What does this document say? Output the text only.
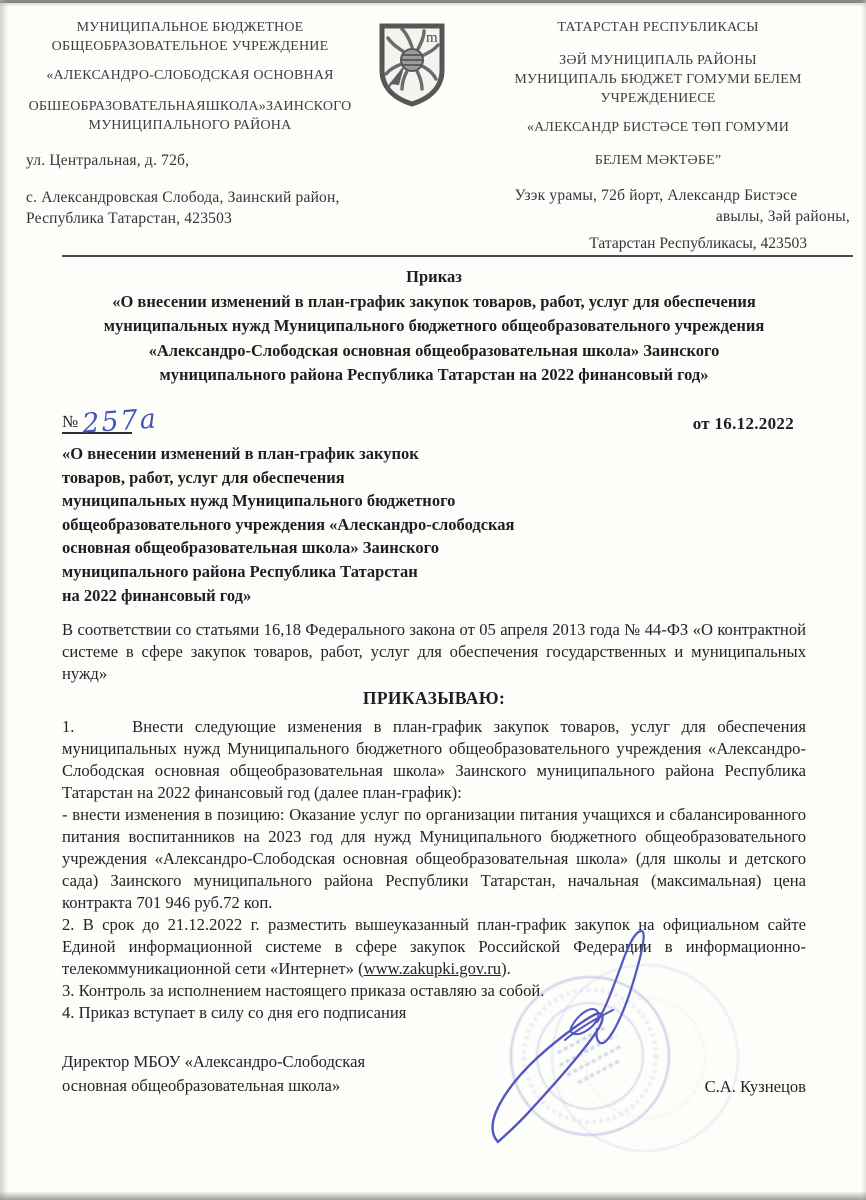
МУНИЦИПАЛЬНОЕ БЮДЖЕТНОЕ
ОБЩЕОБРАЗОВАТЕЛЬНОЕ УЧРЕЖДЕНИЕ
«АЛЕКСАНДРО-СЛОБОДСКАЯ ОСНОВНАЯ
ОБШЕОБРАЗОВАТЕЛЬНАЯШКОЛА»ЗАИНСКОГО
МУНИЦИПАЛЬНОГО РАЙОНА
ул. Центральная, д. 72б,
с. Александровская Слобода, Заинский район,
Республика Татарстан, 423503
m
ТАТАРСТАН РЕСПУБЛИКАСЫ
ЗӘЙ МУНИЦИПАЛЬ РАЙОНЫ
МУНИЦИПАЛЬ БЮДЖЕТ ГОМУМИ БЕЛЕМ
УЧРЕЖДЕНИЕСЕ
«АЛЕКСАНДР БИСТӘСЕ ТӨП ГОМУМИ
БЕЛЕМ МӘКТӘБЕ”
Узэк урамы, 72б йорт, Александр Бистэсе
авылы, Зәй районы,
Татарстан Республикасы, 423503
Приказ
«О внесении изменений в план-график закупок товаров, работ, услуг для обеспечения
муниципальных нужд Муниципального бюджетного общеобразовательного учреждения
«Александро-Слободская основная общеобразовательная школа» Заинского
муниципального района Республика Татарстан на 2022 финансовый год»
№ 257а	от 16.12.2022
«О внесении изменений в план-график закупок
товаров, работ, услуг для обеспечения
муниципальных нужд Муниципального бюджетного
общеобразовательного учреждения «Алескандро-слободская
основная общеобразовательная школа» Заинского
муниципального района Республика Татарстан
на 2022 финансовый год»

В соответствии со статьями 16,18 Федерального закона от 05 апреля 2013 года № 44-ФЗ «О контрактной системе в сфере закупок товаров, работ, услуг для обеспечения государственных и муниципальных нужд»

ПРИКАЗЫВАЮ:

1.     Внести следующие изменения в план-график закупок товаров, услуг для обеспечения муниципальных нужд Муниципального бюджетного общеобразовательного учреждения «Александро-Слободская основная общеобразовательная школа» Заинского муниципального района Республика Татарстан на 2022 финансовый год (далее план-график):

- внести изменения в позицию: Оказание услуг по организации питания учащихся и сбалансированного питания воспитанников на 2023 год для нужд Муниципального бюджетного общеобразовательного учреждения «Александро-Слободская основная общеобразовательная школа» (для школы и детского сада) Заинского муниципального района Республики Татарстан, начальная (максимальная) цена контракта 701 946 руб.72 коп.

2. В срок до 21.12.2022 г. разместить вышеуказанный план-график закупок на официальном сайте Единой информационной системе в сфере закупок Российской Федерации в информационно-телекоммуникационной сети «Интернет» (www.zakupki.gov.ru).

3. Контроль за исполнением настоящего приказа оставляю за собой.

4. Приказ вступает в силу со дня его подписания

Директор МБОУ «Александро-Слободская
основная общеобразовательная школа»	С.А. Кузнецов
